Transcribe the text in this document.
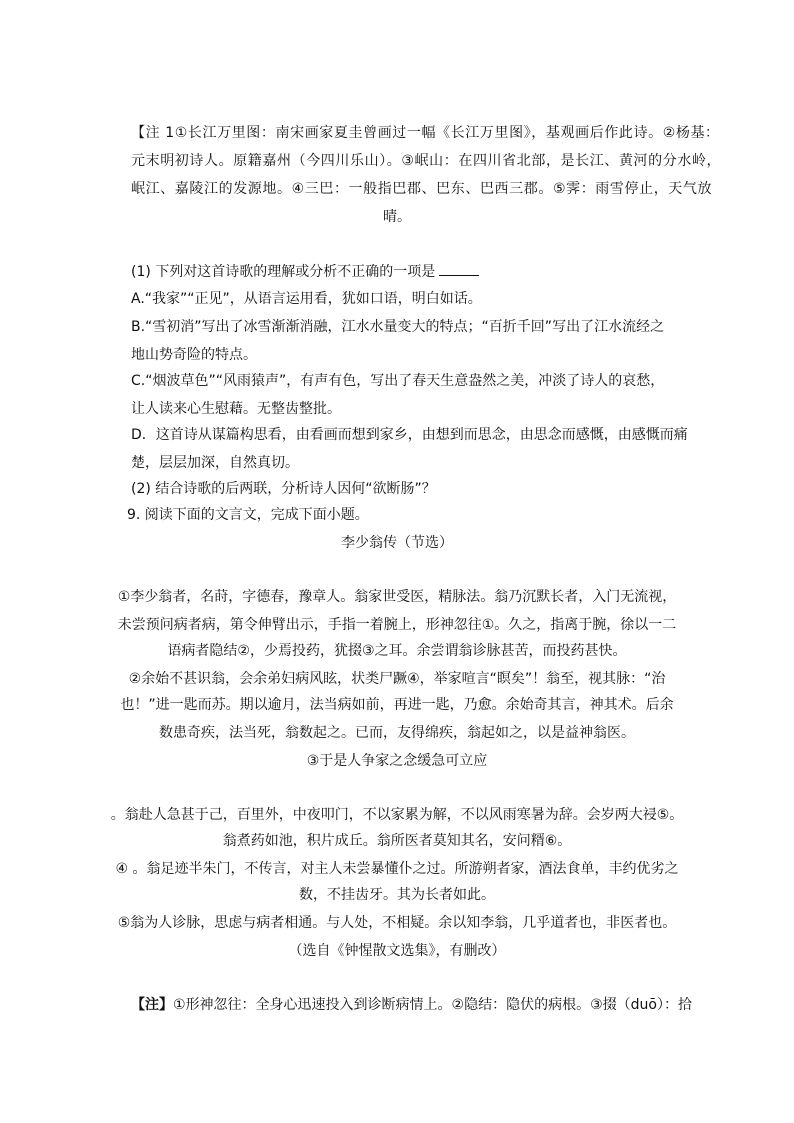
【注 1①长江万里图：南宋画家夏圭曾画过一幅《长江万里图》，基观画后作此诗。②杨基：
元末明初诗人。原籍嘉州（今四川乐山）。③岷山：在四川省北部，是长江、黄河的分水岭，
岷江、嘉陵江的发源地。④三巴：一般指巴郡、巴东、巴西三郡。⑤霁：雨雪停止，天气放
晴。
(1) 下列对这首诗歌的理解或分析不正确的一项是
A.“我家”“正见”，从语言运用看，犹如口语，明白如话。
B.“雪初消”写出了冰雪渐渐消融，江水水量变大的特点；“百折千回”写出了江水流经之
地山势奇险的特点。
C.“烟波草色”“风雨猿声”，有声有色，写出了春天生意盎然之美，冲淡了诗人的哀愁，
让人读来心生慰藉。无整齿整批。
D．这首诗从谋篇构思看，由看画而想到家乡，由想到而思念，由思念而感慨，由感慨而痛
楚，层层加深，自然真切。
(2) 结合诗歌的后两联，分析诗人因何“欲断肠”？
9. 阅读下面的文言文，完成下面小题。
李少翁传（节选）
①李少翁者，名莳，字德春，豫章人。翁家世受医，精脉法。翁乃沉默长者，入门无流视，
未尝预问病者病，第令伸臂出示，手指一着腕上，形神忽往①。久之，指离于腕，徐以一二
语病者隐结②，少焉投药，犹掇③之耳。余尝谓翁诊脉甚苦，而投药甚快。
②余始不甚识翁，会余弟妇病风眩，状类尸蹶④，举家喧言“瞑矣”！翁至，视其脉：“治
也！”进一匙而苏。期以逾月，法当病如前，再进一匙，乃愈。余始奇其言，神其术。后余
数患奇疾，法当死，翁数起之。已而，友得绵疾，翁起如之，以是益神翁医。
③于是人争家之念缓急可立应
。翁赴人急甚于己，百里外，中夜叩门，不以家累为解，不以风雨寒暑为辞。会岁两大祲⑤。
翁煮药如池，积片成丘。翁所医者莫知其名，安问糈⑥。
④ 。翁足迹半朱门，不传言，对主人未尝暴懂仆之过。所游朔者家，酒法食单，丰约优劣之
数，不挂齿牙。其为长者如此。
⑤翁为人诊脉，思虑与病者相通。与人处，不相疑。余以知李翁，几乎道者也，非医者也。
（选自《钟惺散文选集》，有删改）
【注】①形神忽往：全身心迅速投入到诊断病情上。②隐结：隐伏的病根。③掇（duō）：拾
